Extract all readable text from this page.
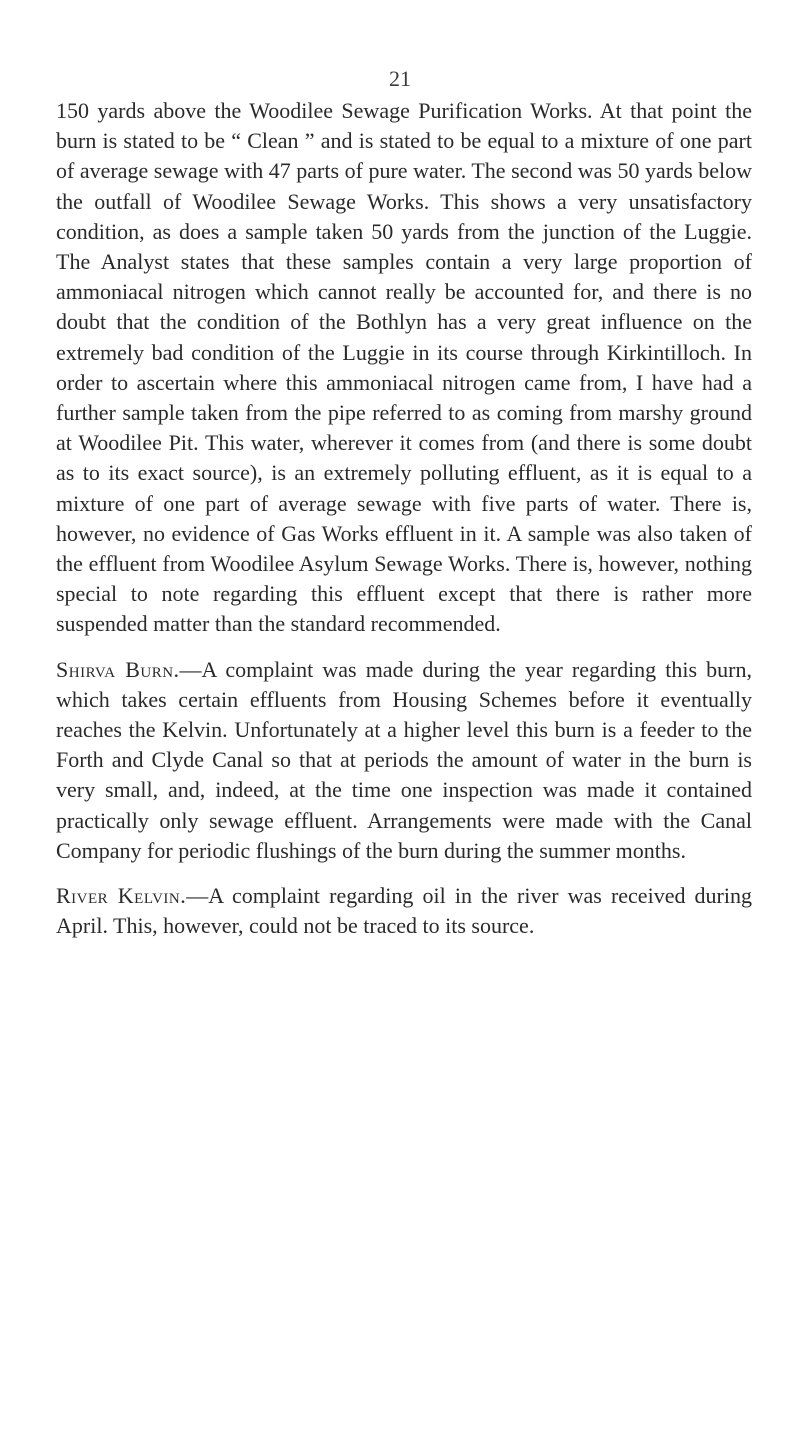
21

150 yards above the Woodilee Sewage Purification Works. At that point the burn is stated to be “ Clean ” and is stated to be equal to a mixture of one part of average sewage with 47 parts of pure water. The second was 50 yards below the outfall of Woodilee Sewage Works. This shows a very unsatisfactory condition, as does a sample taken 50 yards from the junction of the Luggie. The Analyst states that these samples contain a very large proportion of ammoniacal nitrogen which cannot really be accounted for, and there is no doubt that the condition of the Bothlyn has a very great influence on the extremely bad condition of the Luggie in its course through Kirkintilloch. In order to ascertain where this ammoniacal nitrogen came from, I have had a further sample taken from the pipe referred to as coming from marshy ground at Woodilee Pit. This water, wherever it comes from (and there is some doubt as to its exact source), is an extremely polluting effluent, as it is equal to a mixture of one part of average sewage with five parts of water. There is, however, no evidence of Gas Works effluent in it. A sample was also taken of the effluent from Woodilee Asylum Sewage Works. There is, however, nothing special to note regarding this effluent except that there is rather more suspended matter than the standard recommended.

Shirva Burn.—A complaint was made during the year regarding this burn, which takes certain effluents from Housing Schemes before it eventually reaches the Kelvin. Unfortunately at a higher level this burn is a feeder to the Forth and Clyde Canal so that at periods the amount of water in the burn is very small, and, indeed, at the time one inspection was made it contained practically only sewage effluent. Arrangements were made with the Canal Company for periodic flushings of the burn during the summer months.

River Kelvin.—A complaint regarding oil in the river was received during April. This, however, could not be traced to its source.
